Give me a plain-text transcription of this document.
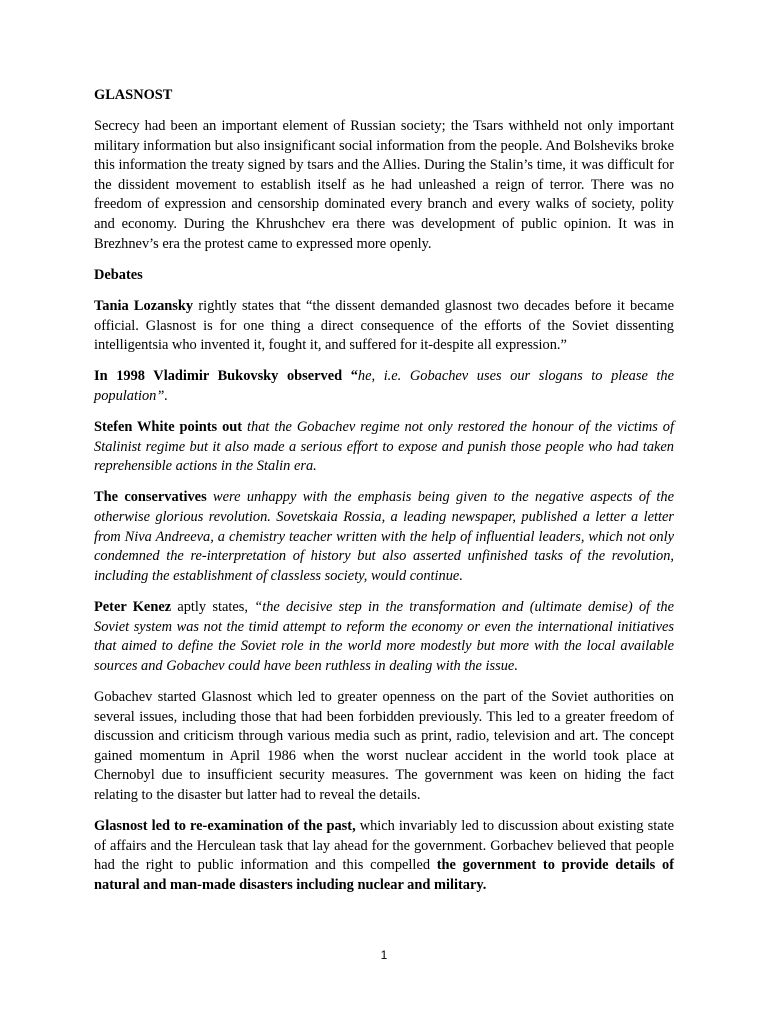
GLASNOST

Secrecy had been an important element of Russian society; the Tsars withheld not only important military information but also insignificant social information from the people. And Bolsheviks broke this information the treaty signed by tsars and the Allies. During the Stalin’s time, it was difficult for the dissident movement to establish itself as he had unleashed a reign of terror. There was no freedom of expression and censorship dominated every branch and every walks of society, polity and economy. During the Khrushchev era there was development of public opinion. It was in Brezhnev’s era the protest came to expressed more openly.

Debates

Tania Lozansky rightly states that “the dissent demanded glasnost two decades before it became official. Glasnost is for one thing a direct consequence of the efforts of the Soviet dissenting intelligentsia who invented it, fought it, and suffered for it-despite all expression.”

In 1998 Vladimir Bukovsky observed “he, i.e. Gobachev uses our slogans to please the population”.

Stefen White points out that the Gobachev regime not only restored the honour of the victims of Stalinist regime but it also made a serious effort to expose and punish those people who had taken reprehensible actions in the Stalin era.

The conservatives were unhappy with the emphasis being given to the negative aspects of the otherwise glorious revolution. Sovetskaia Rossia, a leading newspaper, published a letter a letter from Niva Andreeva, a chemistry teacher written with the help of influential leaders, which not only condemned the re-interpretation of history but also asserted unfinished tasks of the revolution, including the establishment of classless society, would continue.

Peter Kenez aptly states, “the decisive step in the transformation and (ultimate demise) of the Soviet system was not the timid attempt to reform the economy or even the international initiatives that aimed to define the Soviet role in the world more modestly but more with the local available sources and Gobachev could have been ruthless in dealing with the issue.

Gobachev started Glasnost which led to greater openness on the part of the Soviet authorities on several issues, including those that had been forbidden previously. This led to a greater freedom of discussion and criticism through various media such as print, radio, television and art. The concept gained momentum in April 1986 when the worst nuclear accident in the world took place at Chernobyl due to insufficient security measures. The government was keen on hiding the fact relating to the disaster but latter had to reveal the details.

Glasnost led to re-examination of the past, which invariably led to discussion about existing state of affairs and the Herculean task that lay ahead for the government. Gorbachev believed that people had the right to public information and this compelled the government to provide details of natural and man-made disasters including nuclear and military.

1
